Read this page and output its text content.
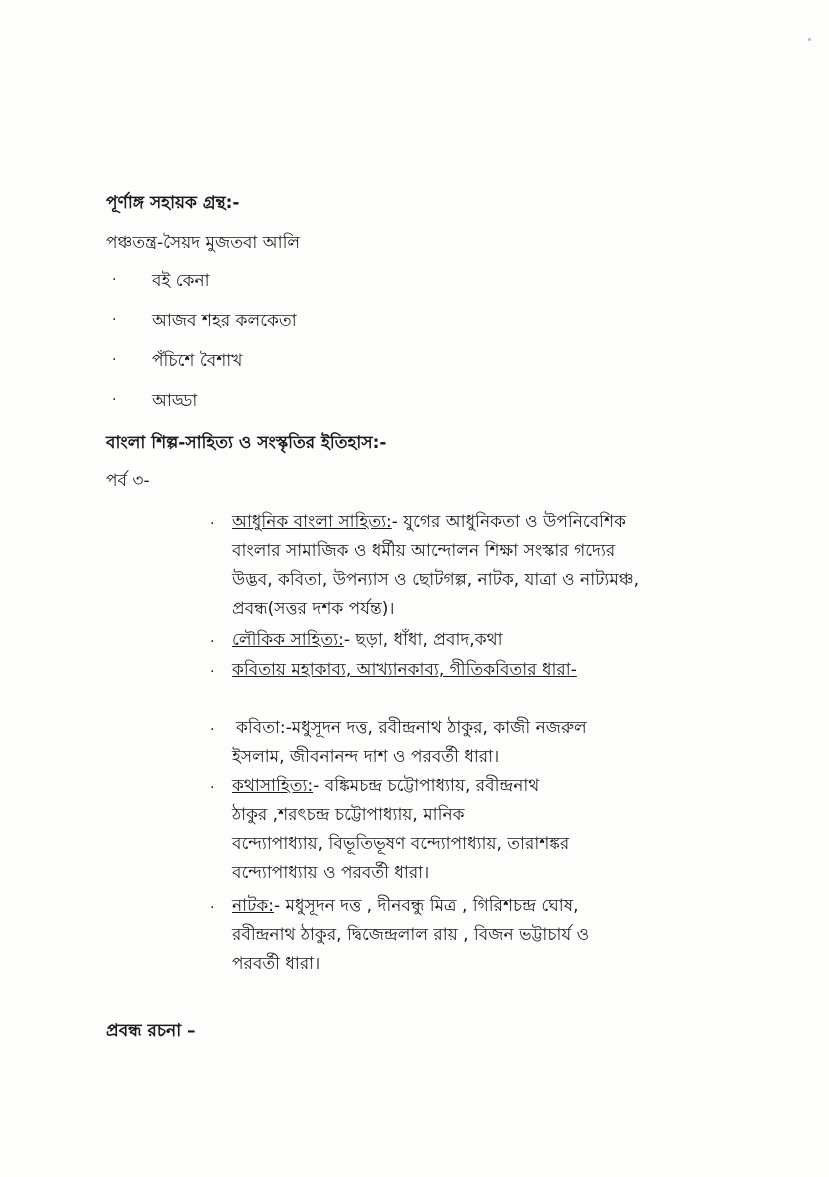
পূর্ণাঙ্গ সহায়ক গ্রন্থ:-
পঞ্চতন্ত্র-সৈয়দ মুজতবা আলি
· বই কেনা
· আজব শহর কলকেতা
· পঁচিশে বৈশাখ
· আড্ডা
বাংলা শিল্প-সাহিত্য ও সংস্কৃতির ইতিহাস:-
পর্ব ৩-
· আধুনিক বাংলা সাহিত্য:- যুগের আধুনিকতা ও উপনিবেশিক
বাংলার সামাজিক ও ধর্মীয় আন্দোলন শিক্ষা সংস্কার গদ্যের
উদ্ভব, কবিতা, উপন্যাস ও ছোটগল্প, নাটক, যাত্রা ও নাট্যমঞ্চ,
প্রবন্ধ(সত্তর দশক পর্যন্ত)।
· লৌকিক সাহিত্য:- ছড়া, ধাঁধা, প্রবাদ,কথা
· কবিতায় মহাকাব্য, আখ্যানকাব্য, গীতিকবিতার ধারা-
· কবিতা:-মধুসূদন দত্ত, রবীন্দ্রনাথ ঠাকুর, কাজী নজরুল
ইসলাম, জীবনানন্দ দাশ ও পরবর্তী ধারা।
· কথাসাহিত্য:- বঙ্কিমচন্দ্র চট্টোপাধ্যায়, রবীন্দ্রনাথ
ঠাকুর ,শরৎচন্দ্র চট্টোপাধ্যায়, মানিক
বন্দ্যোপাধ্যায়, বিভূতিভূষণ বন্দ্যোপাধ্যায়, তারাশঙ্কর
বন্দ্যোপাধ্যায় ও পরবর্তী ধারা।
· নাটক:- মধুসূদন দত্ত , দীনবন্ধু মিত্র , গিরিশচন্দ্র ঘোষ,
রবীন্দ্রনাথ ঠাকুর, দ্বিজেন্দ্রলাল রায় , বিজন ভট্টাচার্য ও
পরবর্তী ধারা।
প্রবন্ধ রচনা –
